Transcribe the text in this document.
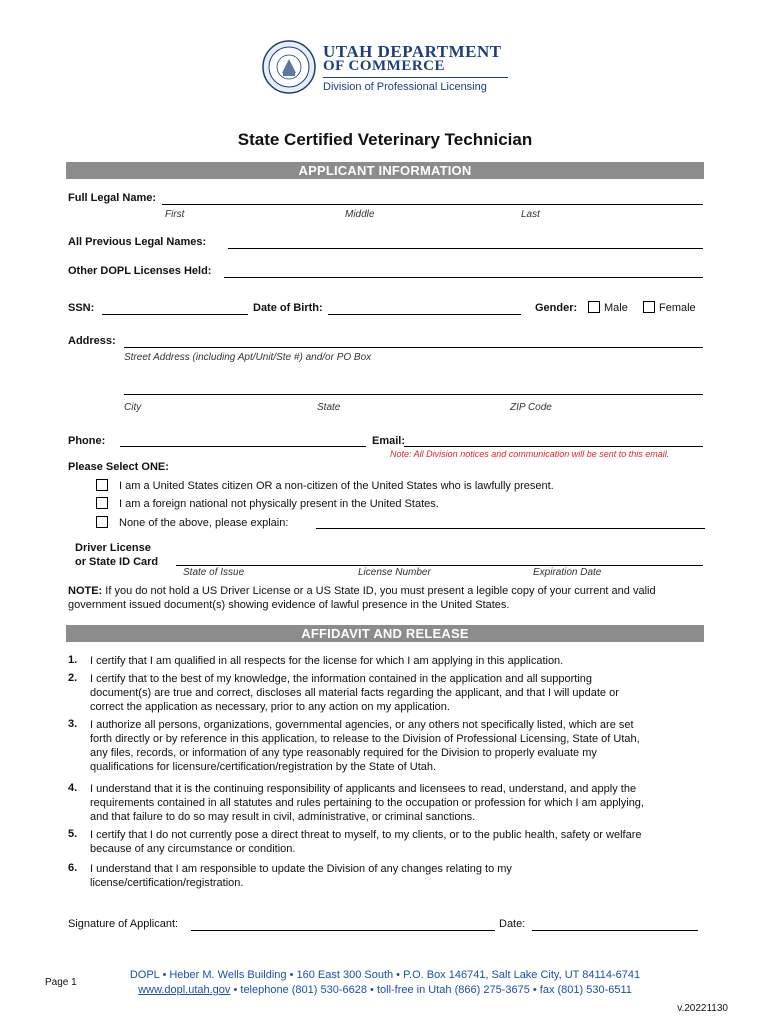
UTAH DEPARTMENT
OF COMMERCE
Division of Professional Licensing
State Certified Veterinary Technician
APPLICANT INFORMATION
Full Legal Name:
First	Middle	Last
All Previous Legal Names:
Other DOPL Licenses Held:
SSN:	Date of Birth:	Gender: Male	Female
Address:
Street Address (including Apt/Unit/Ste #) and/or PO Box
City	State	ZIP Code
Phone:	Email:
Note: All Division notices and communication will be sent to this email.
Please Select ONE:
I am a United States citizen OR a non-citizen of the United States who is lawfully present.
I am a foreign national not physically present in the United States.
None of the above, please explain:
Driver License
or State ID Card
State of Issue	License Number	Expiration Date
NOTE: If you do not hold a US Driver License or a US State ID, you must present a legible copy of your current and valid
government issued document(s) showing evidence of lawful presence in the United States.
AFFIDAVIT AND RELEASE
1. I certify that I am qualified in all respects for the license for which I am applying in this application.
2. I certify that to the best of my knowledge, the information contained in the application and all supporting
document(s) are true and correct, discloses all material facts regarding the applicant, and that I will update or
correct the application as necessary, prior to any action on my application.
3. I authorize all persons, organizations, governmental agencies, or any others not specifically listed, which are set
forth directly or by reference in this application, to release to the Division of Professional Licensing, State of Utah,
any files, records, or information of any type reasonably required for the Division to properly evaluate my
qualifications for licensure/certification/registration by the State of Utah.
4. I understand that it is the continuing responsibility of applicants and licensees to read, understand, and apply the
requirements contained in all statutes and rules pertaining to the occupation or profession for which I am applying,
and that failure to do so may result in civil, administrative, or criminal sanctions.
5. I certify that I do not currently pose a direct threat to myself, to my clients, or to the public health, safety or welfare
because of any circumstance or condition.
6. I understand that I am responsible to update the Division of any changes relating to my
license/certification/registration.
Signature of Applicant:	Date:
Page 1
DOPL • Heber M. Wells Building • 160 East 300 South • P.O. Box 146741, Salt Lake City, UT 84114-6741
www.dopl.utah.gov • telephone (801) 530-6628 • toll-free in Utah (866) 275-3675 • fax (801) 530-6511
v.20221130
